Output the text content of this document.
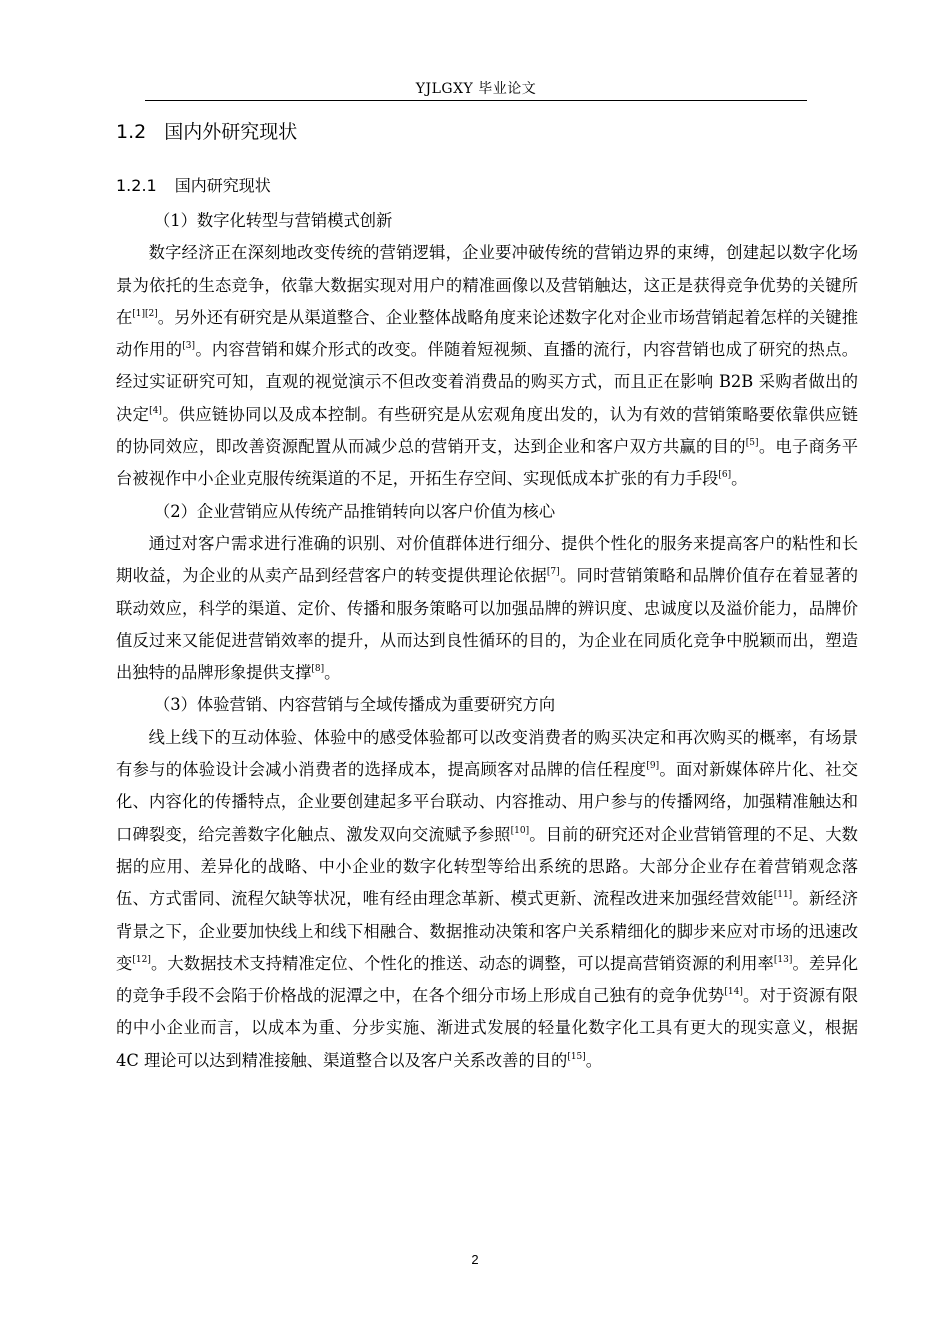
YJLGXY 毕业论文
1.2 国内外研究现状
1.2.1 国内研究现状

（1）数字化转型与营销模式创新

数字经济正在深刻地改变传统的营销逻辑，企业要冲破传统的营销边界的束缚，创建起以数字化场景为依托的生态竞争，依靠大数据实现对用户的精准画像以及营销触达，这正是获得竞争优势的关键所在[1][2]。另外还有研究是从渠道整合、企业整体战略角度来论述数字化对企业市场营销起着怎样的关键推动作用的[3]。内容营销和媒介形式的改变。伴随着短视频、直播的流行，内容营销也成了研究的热点。经过实证研究可知，直观的视觉演示不但改变着消费品的购买方式，而且正在影响 B2B 采购者做出的决定[4]。供应链协同以及成本控制。有些研究是从宏观角度出发的，认为有效的营销策略要依靠供应链的协同效应，即改善资源配置从而减少总的营销开支，达到企业和客户双方共赢的目的[5]。电子商务平台被视作中小企业克服传统渠道的不足，开拓生存空间、实现低成本扩张的有力手段[6]。

（2）企业营销应从传统产品推销转向以客户价值为核心

通过对客户需求进行准确的识别、对价值群体进行细分、提供个性化的服务来提高客户的粘性和长期收益，为企业的从卖产品到经营客户的转变提供理论依据[7]。同时营销策略和品牌价值存在着显著的联动效应，科学的渠道、定价、传播和服务策略可以加强品牌的辨识度、忠诚度以及溢价能力，品牌价值反过来又能促进营销效率的提升，从而达到良性循环的目的，为企业在同质化竞争中脱颖而出，塑造出独特的品牌形象提供支撑[8]。

（3）体验营销、内容营销与全域传播成为重要研究方向

线上线下的互动体验、体验中的感受体验都可以改变消费者的购买决定和再次购买的概率，有场景有参与的体验设计会减小消费者的选择成本，提高顾客对品牌的信任程度[9]。面对新媒体碎片化、社交化、内容化的传播特点，企业要创建起多平台联动、内容推动、用户参与的传播网络，加强精准触达和口碑裂变，给完善数字化触点、激发双向交流赋予参照[10]。目前的研究还对企业营销管理的不足、大数据的应用、差异化的战略、中小企业的数字化转型等给出系统的思路。大部分企业存在着营销观念落伍、方式雷同、流程欠缺等状况，唯有经由理念革新、模式更新、流程改进来加强经营效能[11]。新经济背景之下，企业要加快线上和线下相融合、数据推动决策和客户关系精细化的脚步来应对市场的迅速改变[12]。大数据技术支持精准定位、个性化的推送、动态的调整，可以提高营销资源的利用率[13]。差异化的竞争手段不会陷于价格战的泥潭之中，在各个细分市场上形成自己独有的竞争优势[14]。对于资源有限的中小企业而言，以成本为重、分步实施、渐进式发展的轻量化数字化工具有更大的现实意义，根据 4C 理论可以达到精准接触、渠道整合以及客户关系改善的目的[15]。

2
